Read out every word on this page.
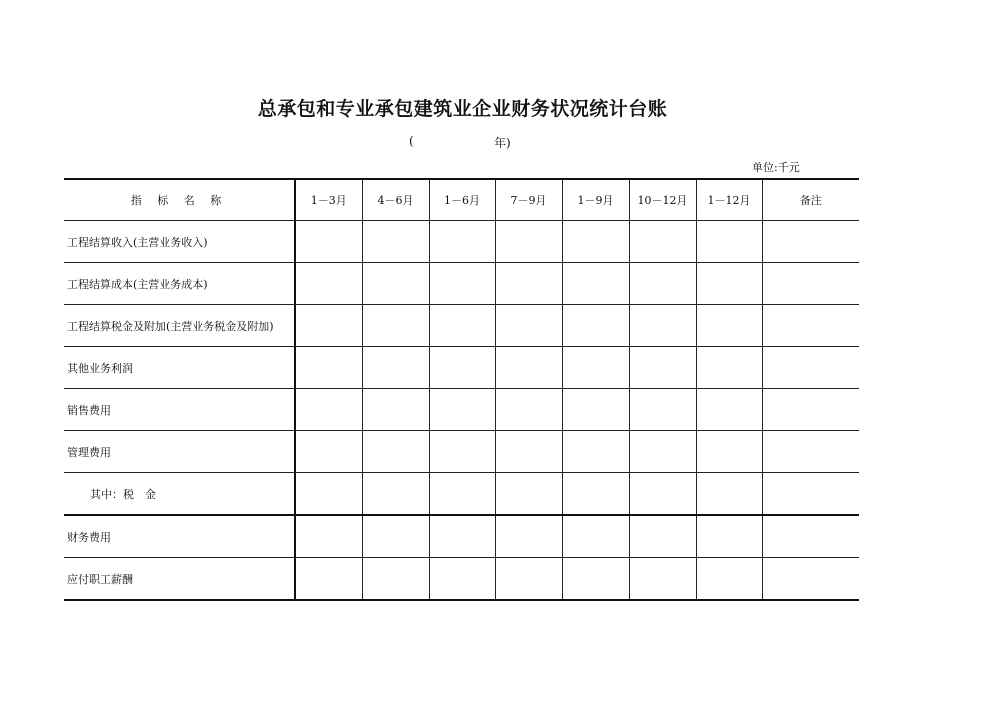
总承包和专业承包建筑业企业财务状况统计台账
(	年)
单位:千元
指 标 名 称	1－3月	4－6月	1－6月	7－9月	1－9月	10－12月	1－12月	备注
工程结算收入(主营业务收入)								
工程结算成本(主营业务成本)								
工程结算税金及附加(主营业务税金及附加)								
其他业务利润								
销售费用								
管理费用								
其中：税　金								
财务费用								
应付职工薪酬								
